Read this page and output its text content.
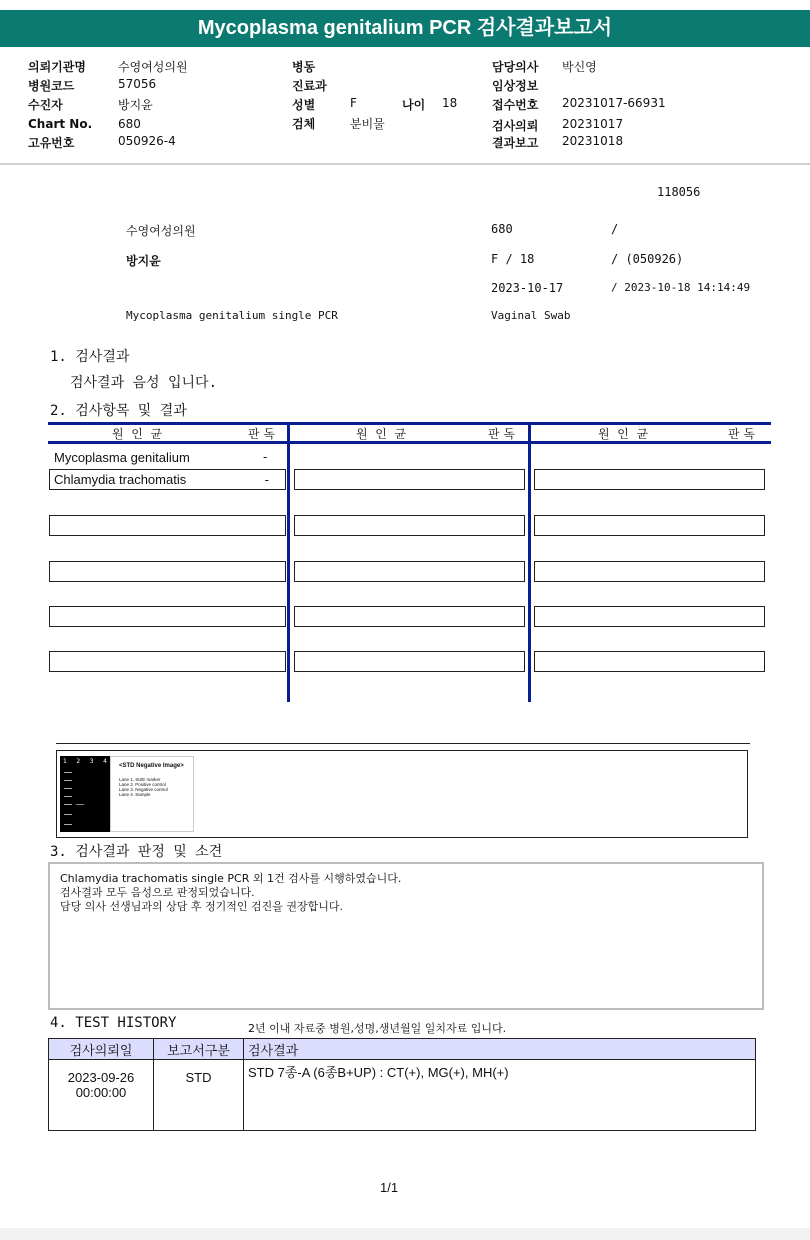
Mycoplasma genitalium PCR 검사결과보고서
의뢰기관명	수영여성의원
병원코드	57056
수진자	방지윤
Chart No. 680
고유번호	050926-4
병동
진료과
성별	F	나이 18
검체	분비물
담당의사 박신영
임상정보
접수번호 20231017-66931
검사의뢰 20231017
결과보고 20231018
118056
수영여성의원	680	/
방지윤	F / 18	/ (050926)
2023-10-17	/ 2023-10-18 14:14:49
Mycoplasma genitalium single PCR	Vaginal Swab
1. 검사결과
검사결과 음성 입니다.
2. 검사항목 및 결과
원  인  균	판 독	원  인  균	판 독	원  인  균	판 독
Mycoplasma genitalium	-
Chlamydia trachomatis	-
1 2 3 4
<STD Negative Image>
Lane 1. SIZE marker
Lane 2. Positive control
Lane 3. Negative control
Lane 4. Sample
3. 검사결과 판정 및 소견
Chlamydia trachomatis single PCR 외 1건 검사를 시행하였습니다.
검사결과 모두 음성으로 판정되었습니다.
담당 의사 선생님과의 상담 후 정기적인 검진을 권장합니다.
4. TEST HISTORY	2년 이내 자료중 병원,성명,생년월일 일치자료 입니다.
검사의뢰일	보고서구분	검사결과

2023-09-26
00:00:00	STD	STD 7종-A (6종B+UP) : CT(+), MG(+), MH(+)
1/1
